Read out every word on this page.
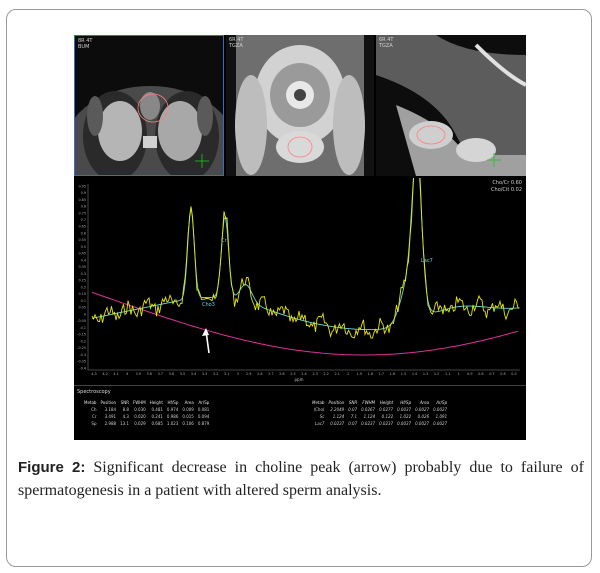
8R 4T
BUM
6R 4T
TGZA
6R 4T
TGZA
0.95
0.9
0.85
0.8
0.75
0.7
0.65
0.6
0.55
0.5
0.45
0.4
0.35
0.3
0.25
0.2
0.15
0.1
0.05
0
-0.05
-0.1
-0.15
-0.2
-0.25
-0.3
-0.35
-0.4
4.3 4.2 4.1 4 3.9 3.8 3.7 3.6 3.5 3.4 3.3 3.2 3.1 3 2.9 2.8 2.7 2.6 2.5 2.4 2.3 2.2 2.1 2 1.9 1.8 1.7 1.6 1.5 1.4 1.3 1.2 1.1 1 0.9 0.8 0.7 0.6 0.5
Cho3
Cr
Lac7
Cho/Cr 0.60
Cho/Cit 0.02
ppm
Spectroscopy
Metab	Position	SNR	FWHM	Height	Hf/Sp	Area	Ar/Sp
Ch	3.184	8.8	0.030	0.481	0.974	0.009	0.081
Cr	3.491	4.3	0.020	0.241	0.986	0.015	0.094
Sp	2.988	13.1	0.029	0.685	1.023	0.106	0.879
Metab	Position	SNR	FWHM	Height	Hf/Sp	Area	Ar/Sp
(Cho)	2.2049	0.07	0.0267	0.0277	0.0037	0.0027	0.0027
Sc	1.124	7.1	1.124	0.122	1.022	0.026	1.091
Lac7	0.0237	0.07	0.0237	0.0237	0.0037	0.0027	0.0027
Figure 2: Significant decrease in choline peak (arrow) probably due to failure of spermatogenesis in a patient with altered sperm analysis.
